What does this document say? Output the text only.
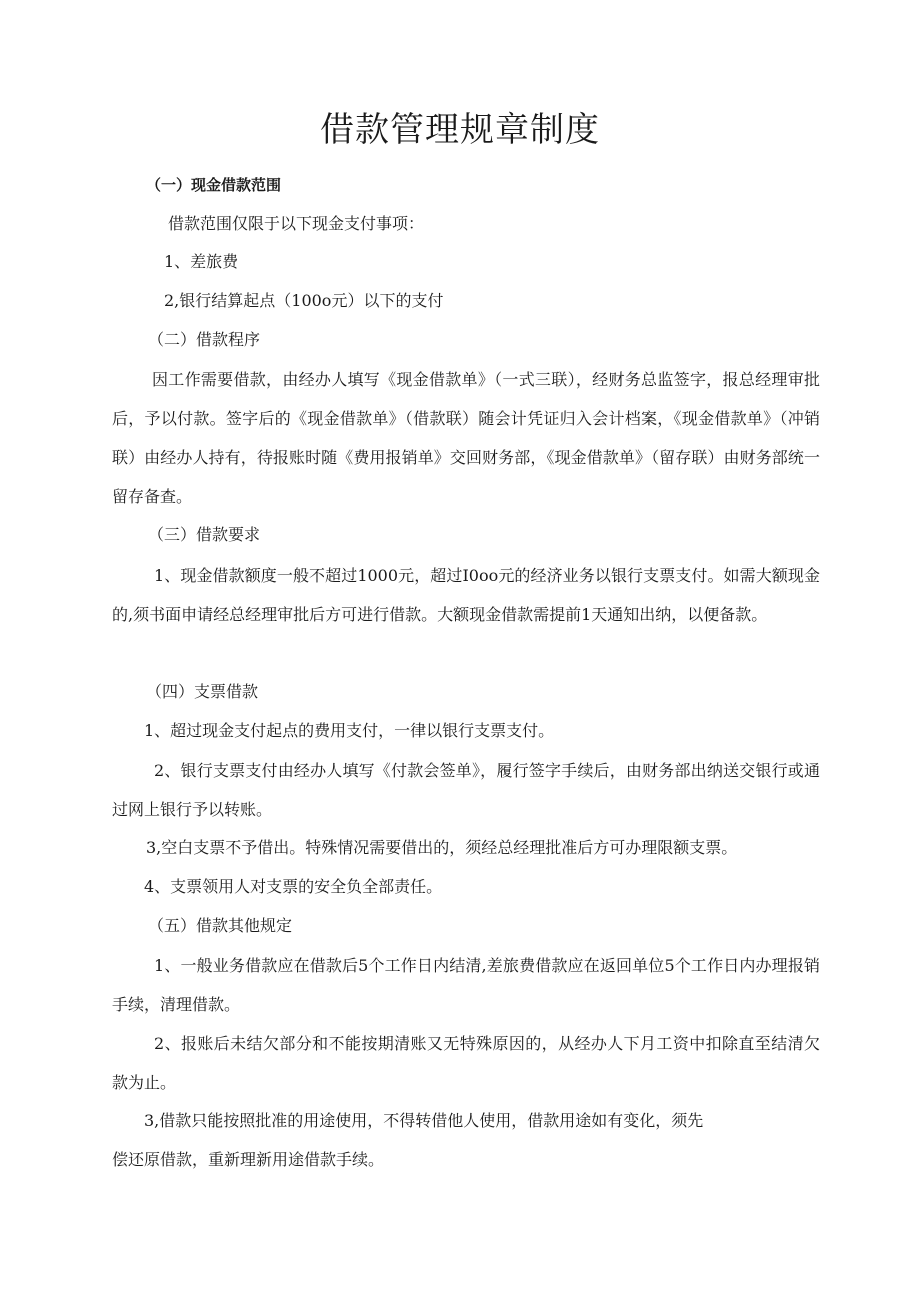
借款管理规章制度
（一）现金借款范围
借款范围仅限于以下现金支付事项：
1、差旅费
2,银行结算起点（100o元）以下的支付
（二）借款程序
因工作需要借款，由经办人填写《现金借款单》（一式三联），经财务总监签字，报总经理审批后，予以付款。签字后的《现金借款单》（借款联）随会计凭证归入会计档案，《现金借款单》（冲销联）由经办人持有，待报账时随《费用报销单》交回财务部，《现金借款单》（留存联）由财务部统一留存备查。
（三）借款要求
1、现金借款额度一般不超过1000元，超过I0oo元的经济业务以银行支票支付。如需大额现金的,须书面申请经总经理审批后方可进行借款。大额现金借款需提前1天通知出纳，以便备款。
（四）支票借款
1、超过现金支付起点的费用支付，一律以银行支票支付。
2、银行支票支付由经办人填写《付款会签单》，履行签字手续后，由财务部出纳送交银行或通过网上银行予以转账。
3,空白支票不予借出。特殊情况需要借出的，须经总经理批准后方可办理限额支票。
4、支票领用人对支票的安全负全部责任。
（五）借款其他规定
1、一般业务借款应在借款后5个工作日内结清,差旅费借款应在返回单位5个工作日内办理报销手续，清理借款。
2、报账后未结欠部分和不能按期清账又无特殊原因的，从经办人下月工资中扣除直至结清欠款为止。
3,借款只能按照批准的用途使用，不得转借他人使用，借款用途如有变化，须先
偿还原借款，重新理新用途借款手续。
